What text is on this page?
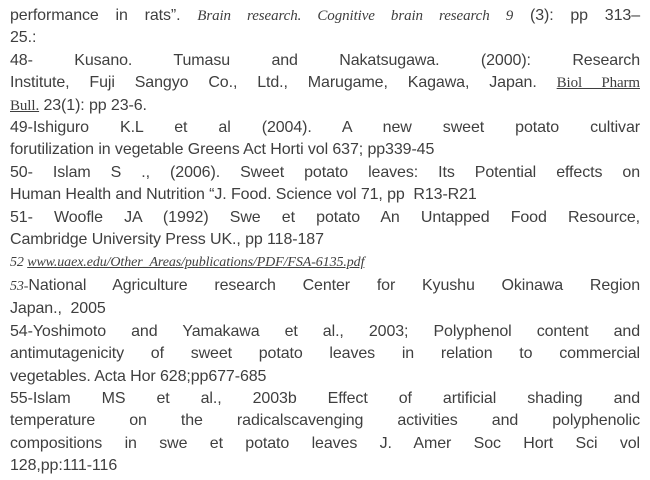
performance in rats”. Brain research. Cognitive brain research 9 (3): pp 313–
25.:
48- Kusano. Tumasu and Nakatsugawa. (2000): Research
Institute, Fuji Sangyo Co., Ltd., Marugame, Kagawa, Japan. Biol Pharm
Bull. 23(1): pp 23-6.
49-Ishiguro K.L et al (2004). A new sweet potato cultivar
forutilization in vegetable Greens Act Horti vol 637; pp339-45
50- Islam S ., (2006). Sweet potato leaves: Its Potential effects on
Human Health and Nutrition “J. Food. Science vol 71, pp  R13-R21
51- Woofle JA (1992) Swe et potato An Untapped Food Resource,
Cambridge University Press UK., pp 118-187
52 www.uaex.edu/Other_Areas/publications/PDF/FSA-6135.pdf
53-National Agriculture research Center for Kyushu Okinawa Region
Japan.,  2005
54-Yoshimoto and Yamakawa et al., 2003; Polyphenol content and
antimutagenicity of sweet potato leaves in relation to commercial
vegetables. Acta Hor 628;pp677-685
55-Islam MS et al., 2003b Effect of artificial shading and
temperature on the radicalscavenging activities and polyphenolic
compositions in swe et potato leaves J. Amer Soc Hort Sci vol
128,pp:111-116
